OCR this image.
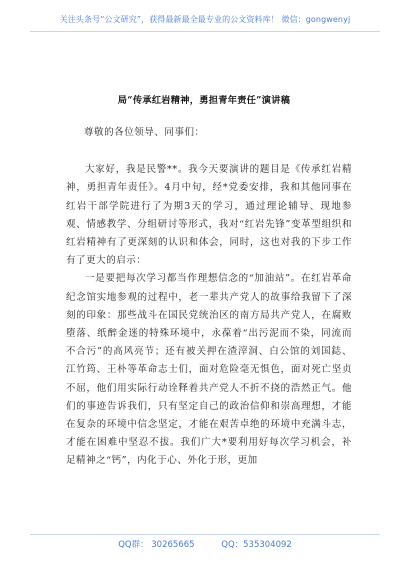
关注头条号“公文研究”，获得最新最全最专业的公文资料库！ 微信：gongwenyj
局“传承红岩精神，勇担青年责任”演讲稿

尊敬的各位领导、同事们：

大家好，我是民警**。我今天要演讲的题目是《传承红岩精神，勇担青年责任》。4月中旬，经*党委安排，我和其他同事在红岩干部学院进行了为期3天的学习，通过理论辅导、现地参观、情感教学、分组研讨等形式，我对“红岩先锋”变革型组织和红岩精神有了更深刻的认识和体会，同时，这也对我的下步工作有了更大的启示：

一是要把每次学习都当作理想信念的“加油站”。在红岩革命纪念馆实地参观的过程中，老一辈共产党人的故事给我留下了深刻的印象：那些战斗在国民党统治区的南方局共产党人，在腐败堕落、纸醉金迷的特殊环境中，永葆着“出污泥而不染，同流而不合污”的高风亮节；还有被关押在渣滓洞、白公馆的刘国鋕、江竹筠、王朴等革命志士们，面对危险毫无惧色，面对死亡坚贞不屈，他们用实际行动诠释着共产党人不折不挠的浩然正气。他们的事迹告诉我们，只有坚定自己的政治信仰和崇高理想，才能在复杂的环境中信念坚定，才能在艰苦卓绝的环境中充满斗志，才能在困难中坚忍不拔。我们广大*要利用好每次学习机会，补足精神之“钙”，内化于心、外化于形，更加

QQ群： 30265665	QQ：535304092
